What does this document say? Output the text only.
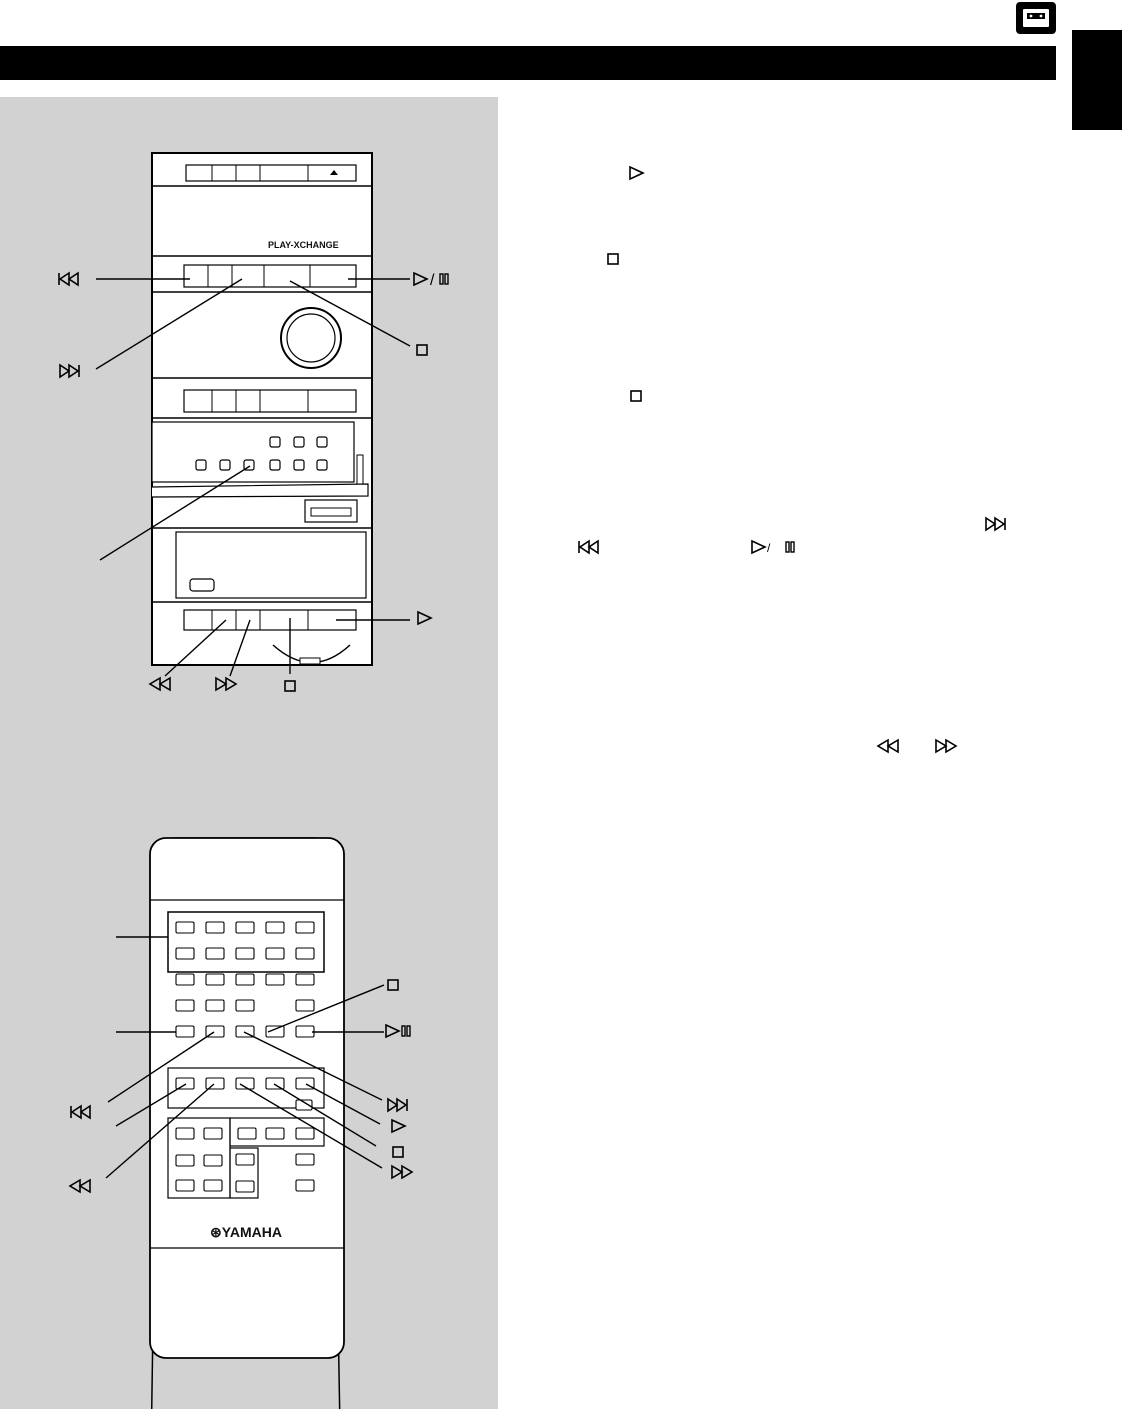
PLAY-XCHANGE
/
⊛YAMAHA
/
